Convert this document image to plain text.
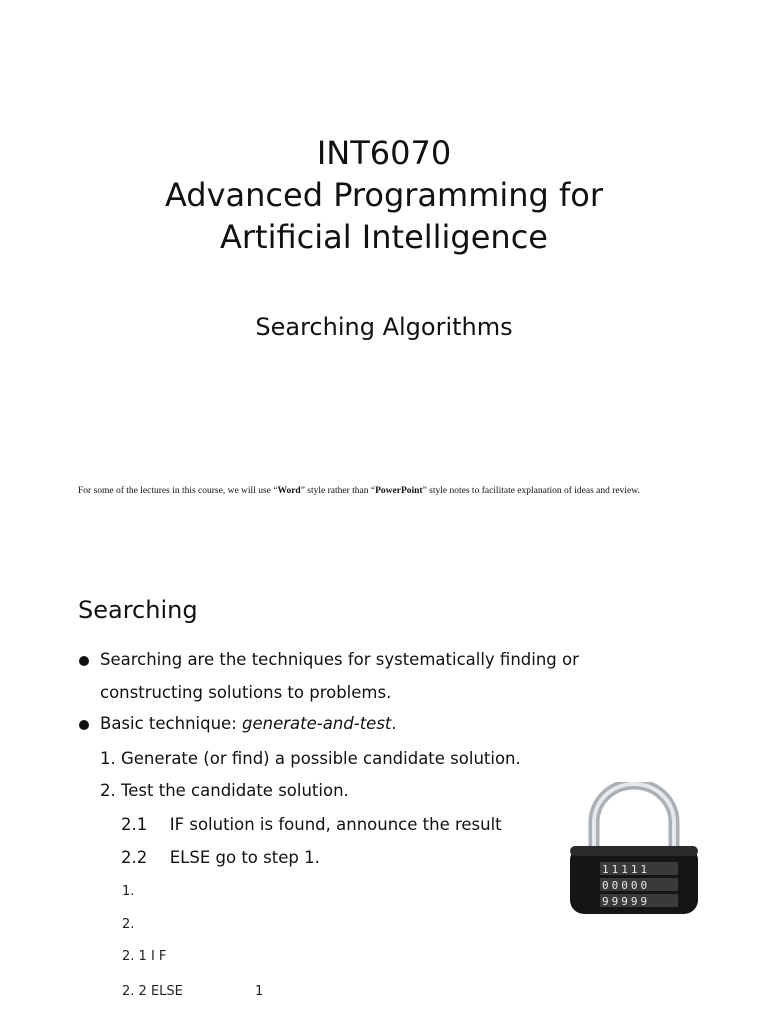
INT6070
Advanced Programming for
Artificial Intelligence
Searching Algorithms
For some of the lectures in this course, we will use “Word” style rather than “PowerPoint” style notes to facilitate explanation of ideas and review.
Searching
Searching are the techniques for systematically finding or
constructing solutions to problems.
Basic technique: generate-and-test.
1. Generate (or find) a possible candidate solution.
2. Test the candidate solution.
2.1 IF solution is found, announce the result
2.2 ELSE go to step 1.
1.
2.
2. 1 I F
2. 2 ELSE	1
11111
00000
99999
